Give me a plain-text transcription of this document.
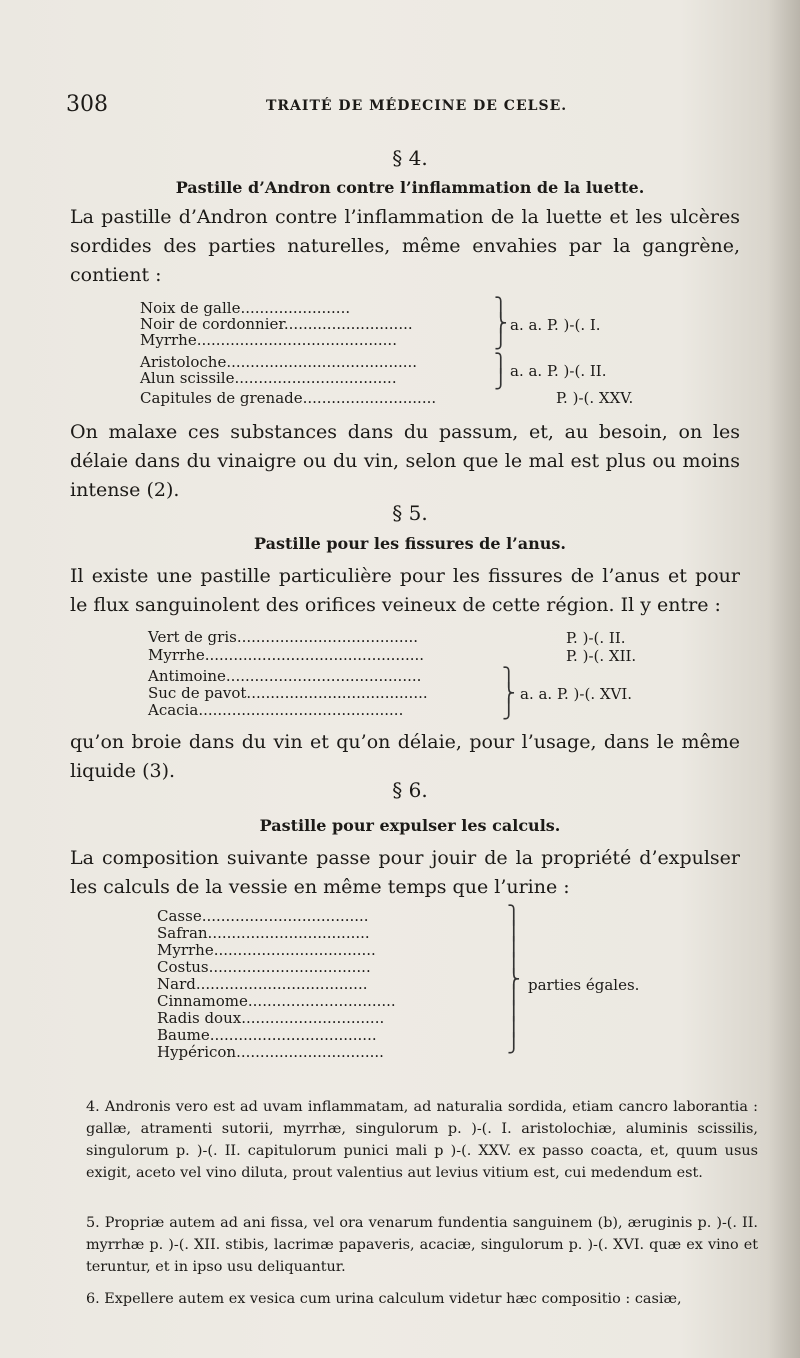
308	TRAITÉ DE MÉDECINE DE CELSE.
§ 4.
Pastille d’Andron contre l’inflammation de la luette.
La pastille d’Andron contre l’inflammation de la luette et les ulcères sordides des parties naturelles, même envahies par la gangrène, contient :
Noix de galle.......................
Noir de cordonnier...........................
Myrrhe..........................................
⎫
⎬
⎭
a. a. P. )-(. I.
Aristoloche........................................
Alun scissile..................................
⎫
⎭ a. a. P. )-(. II.
Capitules de grenade............................	P. )-(. XXV.
On malaxe ces substances dans du passum, et, au besoin, on les délaie dans du vinaigre ou du vin, selon que le mal est plus ou moins intense (2).
§ 5.
Pastille pour les fissures de l’anus.
Il existe une pastille particulière pour les fissures de l’anus et pour le flux sanguinolent des orifices veineux de cette région. Il y entre :
Vert de gris......................................	P. )-(. II.
Myrrhe..............................................	P. )-(. XII.
Antimoine.........................................
Suc de pavot......................................
Acacia...........................................
⎫
⎬
⎭
a. a. P. )-(. XVI.
qu’on broie dans du vin et qu’on délaie, pour l’usage, dans le même liquide (3).
§ 6.
Pastille pour expulser les calculs.
La composition suivante passe pour jouir de la propriété d’expulser les calculs de la vessie en même temps que l’urine :
Casse...................................
Safran..................................
Myrrhe..................................
Costus..................................
Nard....................................
Cinnamome...............................
Radis doux..............................
Baume...................................
Hypéricon...............................
⎫
⎪
⎪
⎪
⎬
⎪
⎪
⎪
⎭
parties égales.

4. Andronis vero est ad uvam inflammatam, ad naturalia sordida, etiam cancro laborantia : gallæ, atramenti sutorii, myrrhæ, singulorum p. )-(. I. aristolochiæ, aluminis scissilis, singulorum p. )-(. II. capitulorum punici mali p )-(. XXV. ex passo coacta, et, quum usus exigit, aceto vel vino diluta, prout valentius aut levius vitium est, cui medendum est.

5. Propriæ autem ad ani fissa, vel ora venarum fundentia sanguinem (b), æruginis p. )-(. II. myrrhæ p. )-(. XII. stibis, lacrimæ papaveris, acaciæ, singulorum p. )-(. XVI. quæ ex vino et teruntur, et in ipso usu deliquantur.

6. Expellere autem ex vesica cum urina calculum videtur hæc compositio : casiæ,
